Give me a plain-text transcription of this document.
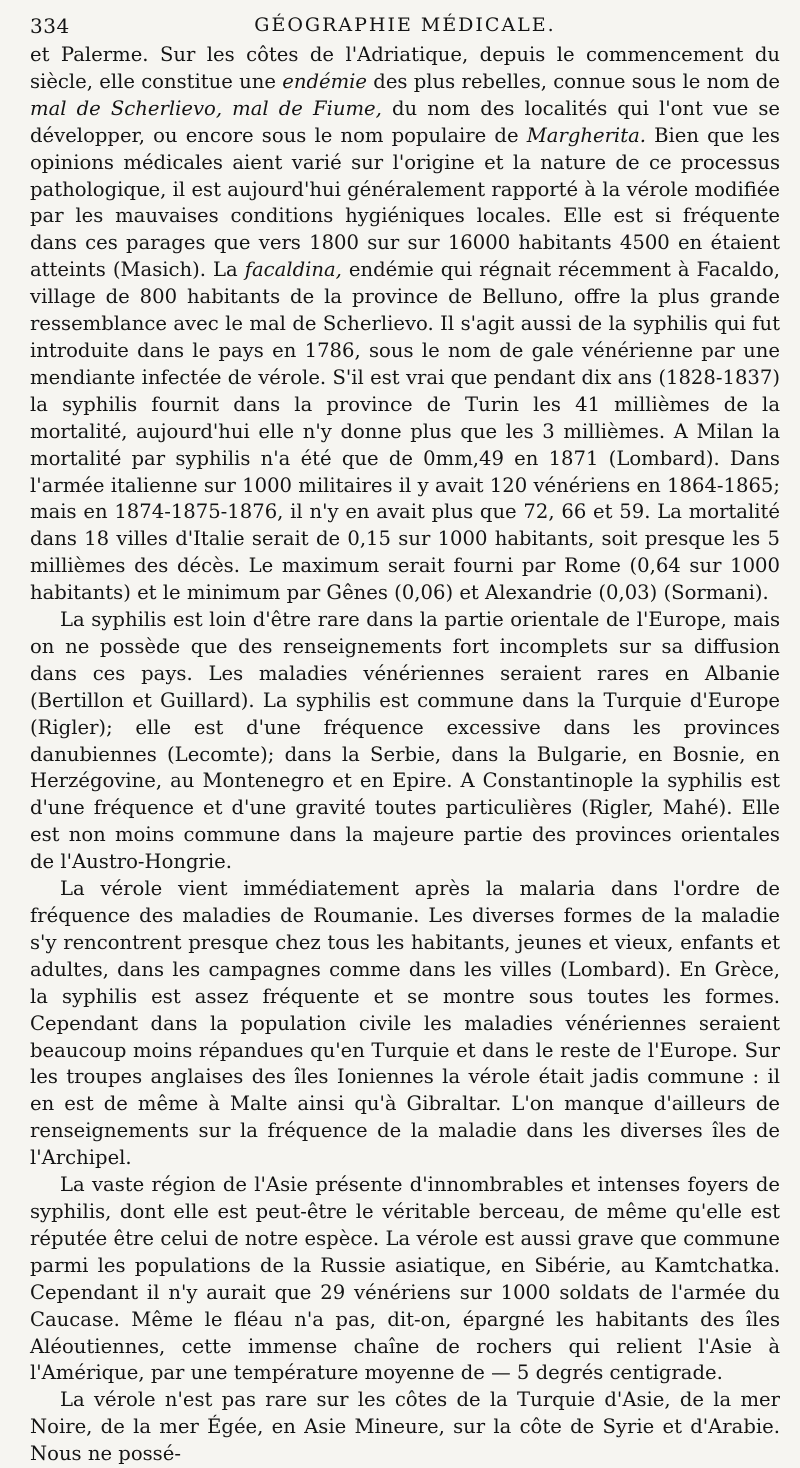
334	GÉOGRAPHIE MÉDICALE.

et Palerme. Sur les côtes de l'Adriatique, depuis le commencement du siècle, elle constitue une endémie des plus rebelles, connue sous le nom de mal de Scherlievo, mal de Fiume, du nom des localités qui l'ont vue se développer, ou encore sous le nom populaire de Margherita. Bien que les opinions médicales aient varié sur l'origine et la nature de ce processus pathologique, il est aujourd'hui généralement rapporté à la vérole modifiée par les mauvaises conditions hygiéniques locales. Elle est si fréquente dans ces parages que vers 1800 sur sur 16000 habitants 4500 en étaient atteints (Masich). La facaldina, endémie qui régnait récemment à Facaldo, village de 800 habitants de la province de Belluno, offre la plus grande ressemblance avec le mal de Scherlievo. Il s'agit aussi de la syphilis qui fut introduite dans le pays en 1786, sous le nom de gale vénérienne par une mendiante infectée de vérole. S'il est vrai que pendant dix ans (1828-1837) la syphilis fournit dans la province de Turin les 41 millièmes de la mortalité, aujourd'hui elle n'y donne plus que les 3 millièmes. A Milan la mortalité par syphilis n'a été que de 0mm,49 en 1871 (Lombard). Dans l'armée italienne sur 1000 militaires il y avait 120 vénériens en 1864-1865; mais en 1874-1875-1876, il n'y en avait plus que 72, 66 et 59. La mortalité dans 18 villes d'Italie serait de 0,15 sur 1000 habitants, soit presque les 5 millièmes des décès. Le maximum serait fourni par Rome (0,64 sur 1000 habitants) et le minimum par Gênes (0,06) et Alexandrie (0,03) (Sormani).

La syphilis est loin d'être rare dans la partie orientale de l'Europe, mais on ne possède que des renseignements fort incomplets sur sa diffusion dans ces pays. Les maladies vénériennes seraient rares en Albanie (Bertillon et Guillard). La syphilis est commune dans la Turquie d'Europe (Rigler); elle est d'une fréquence excessive dans les provinces danubiennes (Lecomte); dans la Serbie, dans la Bulgarie, en Bosnie, en Herzégovine, au Montenegro et en Epire. A Constantinople la syphilis est d'une fréquence et d'une gravité toutes particulières (Rigler, Mahé). Elle est non moins commune dans la majeure partie des provinces orientales de l'Austro-Hongrie.

La vérole vient immédiatement après la malaria dans l'ordre de fréquence des maladies de Roumanie. Les diverses formes de la maladie s'y rencontrent presque chez tous les habitants, jeunes et vieux, enfants et adultes, dans les campagnes comme dans les villes (Lombard). En Grèce, la syphilis est assez fréquente et se montre sous toutes les formes. Cependant dans la population civile les maladies vénériennes seraient beaucoup moins répandues qu'en Turquie et dans le reste de l'Europe. Sur les troupes anglaises des îles Ioniennes la vérole était jadis commune : il en est de même à Malte ainsi qu'à Gibraltar. L'on manque d'ailleurs de renseignements sur la fréquence de la maladie dans les diverses îles de l'Archipel.

La vaste région de l'Asie présente d'innombrables et intenses foyers de syphilis, dont elle est peut-être le véritable berceau, de même qu'elle est réputée être celui de notre espèce. La vérole est aussi grave que commune parmi les populations de la Russie asiatique, en Sibérie, au Kamtchatka. Cependant il n'y aurait que 29 vénériens sur 1000 soldats de l'armée du Caucase. Même le fléau n'a pas, dit-on, épargné les habitants des îles Aléoutiennes, cette immense chaîne de rochers qui relient l'Asie à l'Amérique, par une température moyenne de — 5 degrés centigrade.

La vérole n'est pas rare sur les côtes de la Turquie d'Asie, de la mer Noire, de la mer Égée, en Asie Mineure, sur la côte de Syrie et d'Arabie. Nous ne possé-
